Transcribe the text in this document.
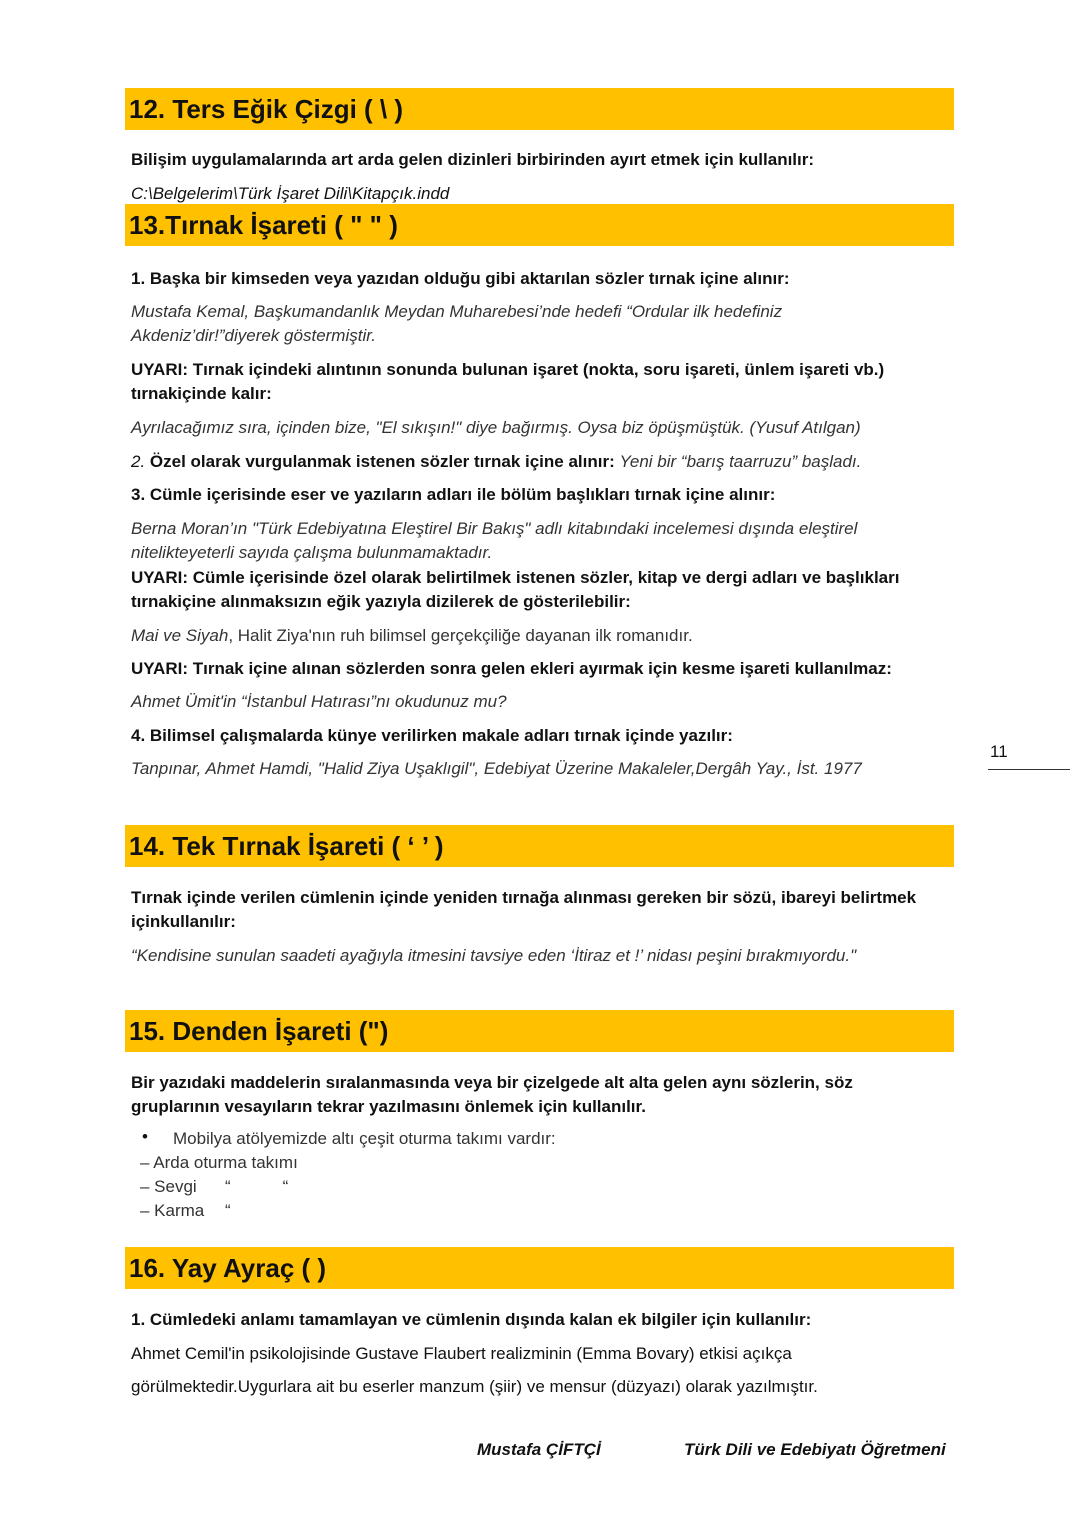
12. Ters Eğik Çizgi ( \ )
Bilişim uygulamalarında art arda gelen dizinleri birbirinden ayırt etmek için kullanılır:
C:\Belgelerim\Türk İşaret Dili\Kitapçık.indd
13.Tırnak İşareti ( " " )
1. Başka bir kimseden veya yazıdan olduğu gibi aktarılan sözler tırnak içine alınır:
Mustafa Kemal, Başkumandanlık Meydan Muharebesi’nde hedefi “Ordular ilk hedefiniz
Akdeniz’dir!”diyerek göstermiştir.
UYARI: Tırnak içindeki alıntının sonunda bulunan işaret (nokta, soru işareti, ünlem işareti vb.)
tırnakiçinde kalır:
Ayrılacağımız sıra, içinden bize, "El sıkışın!" diye bağırmış. Oysa biz öpüşmüştük. (Yusuf Atılgan)
2. Özel olarak vurgulanmak istenen sözler tırnak içine alınır: Yeni bir “barış taarruzu” başladı.
3. Cümle içerisinde eser ve yazıların adları ile bölüm başlıkları tırnak içine alınır:
Berna Moran’ın "Türk Edebiyatına Eleştirel Bir Bakış" adlı kitabındaki incelemesi dışında eleştirel
nitelikteyeterli sayıda çalışma bulunmamaktadır.
UYARI: Cümle içerisinde özel olarak belirtilmek istenen sözler, kitap ve dergi adları ve başlıkları
tırnakiçine alınmaksızın eğik yazıyla dizilerek de gösterilebilir:
Mai ve Siyah, Halit Ziya'nın ruh bilimsel gerçekçiliğe dayanan ilk romanıdır.
UYARI: Tırnak içine alınan sözlerden sonra gelen ekleri ayırmak için kesme işareti kullanılmaz:
Ahmet Ümit'in “İstanbul Hatırası”nı okudunuz mu?
4. Bilimsel çalışmalarda künye verilirken makale adları tırnak içinde yazılır:
Tanpınar, Ahmet Hamdi, "Halid Ziya Uşaklıgil", Edebiyat Üzerine Makaleler,Dergâh Yay., İst. 1977
11
14. Tek Tırnak İşareti ( ‘ ’ )
Tırnak içinde verilen cümlenin içinde yeniden tırnağa alınması gereken bir sözü, ibareyi belirtmek
içinkullanılır:
“Kendisine sunulan saadeti ayağıyla itmesini tavsiye eden ‘İtiraz et !’ nidası peşini bırakmıyordu."
15. Denden İşareti (")
Bir yazıdaki maddelerin sıralanmasında veya bir çizelgede alt alta gelen aynı sözlerin, söz
gruplarının vesayıların tekrar yazılmasını önlemek için kullanılır.
• Mobilya atölyemizde altı çeşit oturma takımı vardır:
– Arda oturma takımı
– Sevgi “           “
– Karma “
16. Yay Ayraç ( )
1. Cümledeki anlamı tamamlayan ve cümlenin dışında kalan ek bilgiler için kullanılır:
Ahmet Cemil'in psikolojisinde Gustave Flaubert realizminin (Emma Bovary) etkisi açıkça
görülmektedir.Uygurlara ait bu eserler manzum (şiir) ve mensur (düzyazı) olarak yazılmıştır.
Mustafa ÇİFTÇİ	Türk Dili ve Edebiyatı Öğretmeni
